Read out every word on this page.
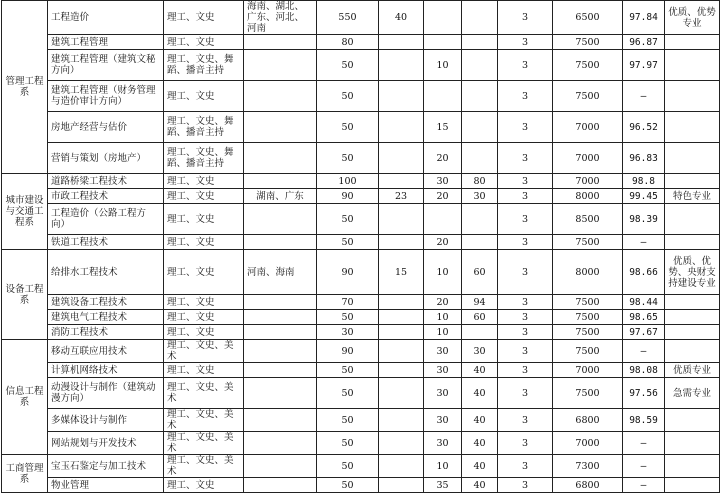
管理工程系	工程造价	理工、文史	海南、湖北、广东、河北、河南	550	40			3	6500	97.84	优质、优势专业
	建筑工程管理	理工、文史		80				3	7500	96.87	
	建筑工程管理（建筑文秘方向）	理工、文史、舞蹈、播音主持		50		10		3	7500	97.97	
	建筑工程管理（财务管理与造价审计方向）	理工、文史		50				3	7500	—	
	房地产经营与估价	理工、文史、舞蹈、播音主持		50		15		3	7000	96.52	
	营销与策划（房地产）	理工、文史、舞蹈、播音主持		50		20		3	7000	96.83	
城市建设与交通工程系	道路桥梁工程技术	理工、文史		100		30	80	3	7000	98.8	
	市政工程技术	理工、文史	湖南、广东	90	23	20	30	3	8000	99.45	特色专业
	工程造价（公路工程方向）	理工、文史		50				3	8500	98.39	
	铁道工程技术	理工、文史		50		20		3	7500	—	
设备工程系	给排水工程技术	理工、文史	河南、海南	90	15	10	60	3	8000	98.66	优质、优势、央财支持建设专业
	建筑设备工程技术	理工、文史		70		20	94	3	7500	98.44	
	建筑电气工程技术	理工、文史		50		10	60	3	7500	98.65	
	消防工程技术	理工、文史		30		10		3	7500	97.67	
信息工程系	移动互联应用技术	理工、文史、美术		90		30	30	3	7500	—	
	计算机网络技术	理工、文史		50		30	40	3	7000	98.08	优质专业
	动漫设计与制作（建筑动漫方向）	理工、文史、美术		50		30	40	3	7500	97.56	急需专业
	多媒体设计与制作	理工、文史、美术		50		30	40	3	6800	98.59	
	网站规划与开发技术	理工、文史、美术		50		30	40	3	7000	—	
工商管理系	宝玉石鉴定与加工技术	理工、文史、美术		50		10	40	3	7300	—	
	物业管理	理工、文史		50		35	40	3	6800	—	
